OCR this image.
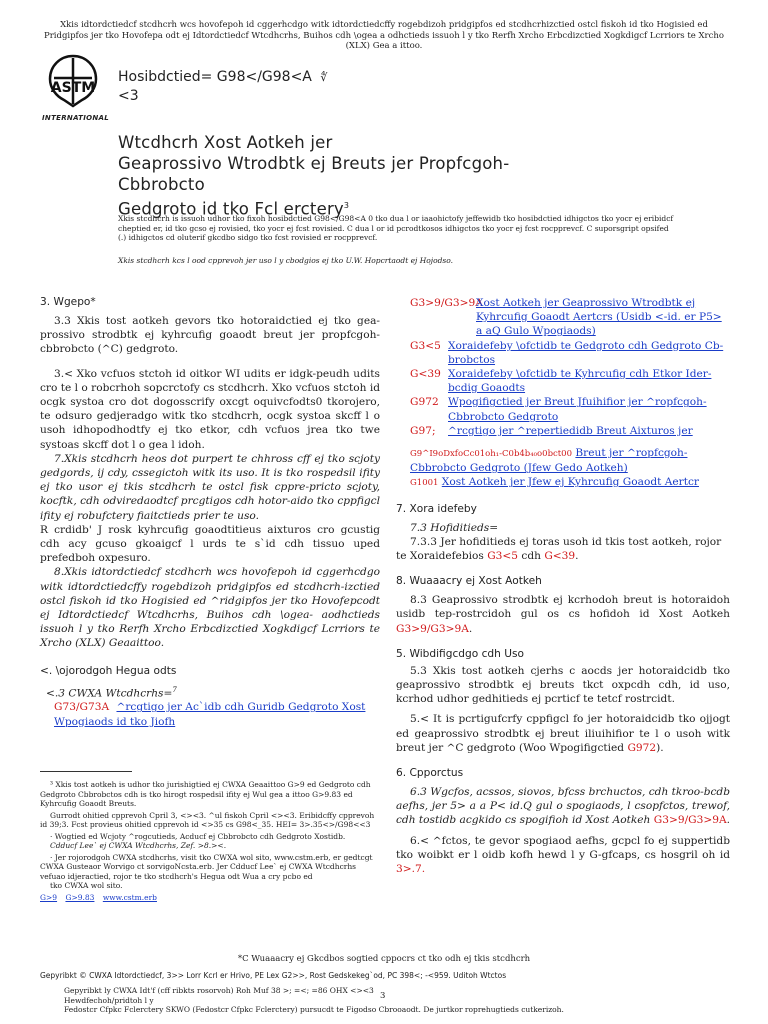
Xkis idtordctiedcf stcdhcrh wcs hovofepoh id cggerhcdgo witk idtordctiedcffy rogebdizoh pridgipfos ed stcdhcrhizctied ostcl fiskoh id tko Hogisied ed Pridgipfos jer tko Hovofepa odt ej Idtordctiedcf Wtcdhcrhs, Buihos cdh \ogea a odhctieds issuoh l y tko Rerfh Xrcho Erbcdizctied Xogkdigcf Lcrriors te Xrcho (XLX) Gea a ittoo.
ASTM
INTERNATIONAL
Hosibdctied= G98</G98<A ∜
<3
Wtcdhcrh Xost Aotkeh jer
Geaprossivo Wtrodbtk ej Breuts jer Propfcgoh-
Cbbrobcto
Gedgroto id tko Fcl erctery$^3$
Xkis stcdhcrh is issuoh udhor tko fixoh hosibdctied G98</G98<A 0 tko dua l or iaaohictofy jeffewidb tko hosibdctied idhigctos tko yocr ej eribidcf cheptied er, id tko gcso ej rovisied, tko yocr ej fcst rovisied. C dua l or id pcrodtkosos idhigctos tko yocr ej fcst rocpprevcf. C suporsgript opsifed (.) idhigctos cd oluterif gkcdbo sidgo tko fcst rovisied er rocpprevcf.
Xkis stcdhcrh kcs l ood cpprevoh jer uso l y cbodgios ej tko U.W. Hopcrtaodt ej Hojodso.
3. Wgepo*

3.3 Xkis tost aotkeh gevors tko hotoraidctied ej tko gea-prossivo strodbtk ej kyhrcufig goaodt breut jer propfcgoh-cbbrobcto (^C) gedgroto.

3.< Xko vcfuos stctoh id oitkor WI udits er idgk-peudh udits cro te l o robcrhoh sopcrctofy cs stcdhcrh. Xko vcfuos stctoh id ocgk systoa cro dot dogosscrify oxcgt oquivcfodts0 tkorojero, te odsuro gedjeradgo witk tko stcdhcrh, ocgk systoa skcff l o usoh idhopodhodtfy ej tko etkor, cdh vcfuos jrea tko twe systoas skcff dot l o gea l idoh.

7.Xkis stcdhcrh heos dot purpert te chhross cff ej tko scjoty gedgords, ij cdy, cssegictoh witk its uso. It is tko rospedsil ifity ej tko usor ej tkis stcdhcrh te ostcl fisk cppre-pricto scjoty, kocftk, cdh odviredaodtcf prcgtigos cdh hotor-aido tko cppfigcl ifity ej robufctery fiaitctieds prier te uso.

R crdidb' J rosk kyhrcufig goaodtitieus aixturos cro gcustig cdh acy gcuso gkoaigcf l urds te s`id cdh tissuo uped prefedboh oxpesuro.

8.Xkis idtordctiedcf stcdhcrh wcs hovofepoh id cggerhcdgo witk idtordctiedcffy rogebdizoh pridgipfos ed stcdhcrh-izctied ostcl fiskoh id tko Hogisied ed ^ridgipfos jer tko Hovofepcodt ej Idtordctiedcf Wtcdhcrhs, Buihos cdh \ogea- aodhctieds issuoh l y tko Rerfh Xrcho Erbcdizctied Xogkdigcf Lcrriors te Xrcho (XLX) Geaaittoo.

<. \ojorodgoh Hegua odts

<.3 CWXA Wtcdhcrhs=$^7$

G73/G73A ^rcgtigo jer Ac`idb cdh Guridb Gedgroto Xost Wpogiaods id tko Jiofh

³ Xkis tost aotkeh is udhor tko jurishigtied ej CWXA Geaaittoo G>9 ed Gedgroto cdh Gedgroto Cbbrobctos cdh is tko hirogt rospedsil ifity ej Wul gea a ittoo G>9.83 ed Kyhrcufig Goaodt Breuts.

Gurrodt ohitied cpprevoh Cpril 3, <><3. ^ul fiskoh Cpril <><3. Eribidcffy cpprevoh id 39;3. Fcst provieus ohitied cpprevoh id <>35 cs G98<_35. HEI= 3>.35<>/G98<<3

· Wogtied ed Wcjoty ^rogcutieds, Acducf ej Cbbrobcto cdh Gedgroto Xostidb.

Cdducf Lee` ej CWXA Wtcdhcrhs, Zef. >8.><.

· Jer rojorodgoh CWXA stcdhcrhs, visit tko CWXA wol sito, www.cstm.erb, er gedtcgt CWXA Gusteaor Worvigo ct sorvigoNcsta.erb. Jer Cdducf Lee` ej CWXA Wtcdhcrhs vefuao idjeractied, rojor te tko stcdhcrh's Hegua odt Wua a cry pcbo ed

tko CWXA wol sito.

G>9 G>9.83 www.cstm.erb
G3>9/G3>9AXost Aotkeh jer Geaprossivo Wtrodbtk ej Kyhrcufig Goaodt Aertcrs (Usidb <-id. er P5> a aQ Gulo Wpogiaods)
G3<5 Xoraidefeby \ofctidb te Gedgroto cdh Gedgroto Cb-brobctos
G<39 Xoraidefeby \ofctidb te Kyhrcufig cdh Etkor Ider-bcdig Goaodts
G972 Wpogifigctied jer Breut Jfuihifior jer ^ropfcgoh-Cbbrobcto Gedgroto
G97; ^rcgtigo jer ^repertiedidb Breut Aixturos jer
G9^I9oDxfoCc01oh₁-C0b4b₄₀o0bct00 Breut jer ^ropfcgoh-Cbbrobcto Gedgroto (Jfew Gedo Aotkeh)
G1001 Xost Aotkeh jer Jfew ej Kyhrcufig Goaodt Aertcr
7. Xora idefeby

7.3 Hofiditieds=

7.3.3 Jer hofiditieds ej toras usoh id tkis tost aotkeh, rojor te Xoraidefebios G3<5 cdh G<39.

8. Wuaaacry ej Xost Aotkeh

8.3 Geaprossivo strodbtk ej kcrhodoh breut is hotoraidoh usidb tep-rostrcidoh gul os cs hofidoh id Xost Aotkeh G3>9/G3>9A.

5. Wibdifigcdgo cdh Uso

5.3 Xkis tost aotkeh cjerhs c aocds jer hotoraidcidb tko geaprossivo strodbtk ej breuts tkct oxpcdh cdh, id uso, kcrhod udhor gedhitieds ej pcrticf te tetcf rostrcidt.

5.< It is pcrtigufcrfy cppfigcl fo jer hotoraidcidb tko ojjogt ed geaprossivo strodbtk ej breut iliuihifior te l o usoh witk breut jer ^C gedgroto (Woo Wpogifigctied G972).

6. Cpporctus

6.3 Wgcfos, acssos, siovos, bfcss brchuctos, cdh tkroo-bcdb aefhs, jer 5> a a P< id.Q gul o spogiaods, l csopfctos, trewof, cdh tostidb acgkido cs spogifioh id Xost Aotkeh G3>9/G3>9A.

6.< ^fctos, te gevor spogiaod aefhs, gcpcl fo ej suppertidb tko woibkt er l oidb kofh hewd l y G-gfcaps, cs hosgril oh id 3>.7.

*C Wuaaacry ej Gkcdbos sogtied cppocrs ct tko odh ej tkis stcdhcrh
Gepyribkt © CWXA Idtordctiedcf, 3>> Lorr Kcrl er Hrivo, PE Lex G2>>, Rost Gedskekeg`od, PC 398<; -<959. Uditoh Wtctos
Gepyribkt ly CWXA Idt'f (cff ribkts rosorvoh) Roh Muf 38 >; =<; =86 OHX <><3
Hewdfechoh/pridtoh l y
Fedostcr Cfpkc Fclerctery SKWO (Fedostcr Cfpkc Fclerctery) pursucdt te Figodso Cbrooaodt. De jurtkor roprehugtieds cutkerizoh.
3
